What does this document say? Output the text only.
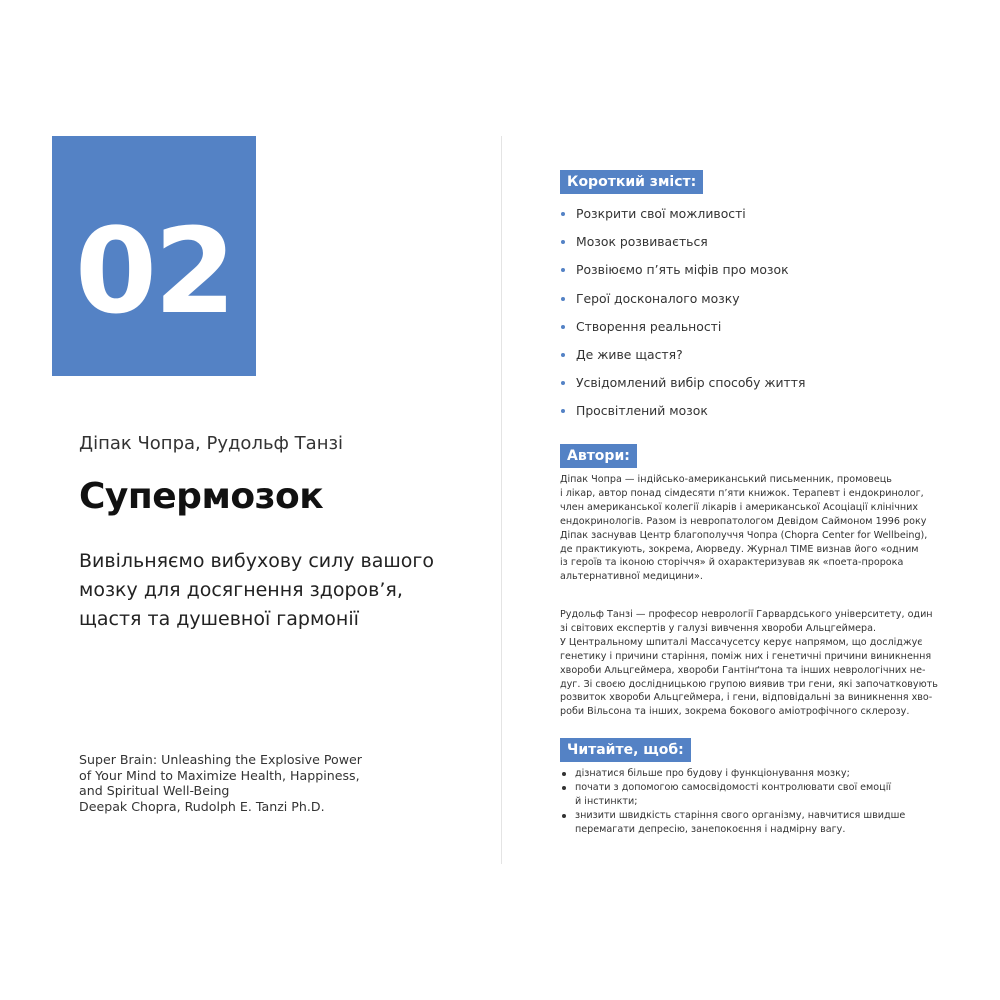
02
Діпак Чопра, Рудольф Танзі
Супермозок
Вивільняємо вибухову силу вашого
мозку для досягнення здоров’я,
щастя та душевної гармонії
Super Brain: Unleashing the Explosive Power
of Your Mind to Maximize Health, Happiness,
and Spiritual Well-Being
Deepak Chopra, Rudolph E. Tanzi Ph.D.
Короткий зміст:
Розкрити свої можливості
Мозок розвивається
Розвіюємо п’ять міфів про мозок
Герої досконалого мозку
Створення реальності
Де живе щастя?
Усвідомлений вибір способу життя
Просвітлений мозок
Автори:
Діпак Чопра — індійсько-американський письменник, промовець
і лікар, автор понад сімдесяти п’яти книжок. Терапевт і ендокринолог,
член американської колегії лікарів і американської Асоціації клінічних
ендокринологів. Разом із невропатологом Девідом Саймоном 1996 року
Діпак заснував Центр благополуччя Чопра (Chopra Center for Wellbeing),
де практикують, зокрема, Аюрведу. Журнал TIME визнав його «одним
із героїв та іконою сторіччя» й охарактеризував як «поета-пророка
альтернативної медицини».
Рудольф Танзі — професор неврології Гарвардського університету, один
зі світових експертів у галузі вивчення хвороби Альцгеймера.
У Центральному шпиталі Массачусетсу керує напрямом, що досліджує
генетику і причини старіння, поміж них і генетичні причини виникнення
хвороби Альцгеймера, хвороби Гантінґтона та інших неврологічних не-
дуг. Зі своєю дослідницькою групою виявив три гени, які започатковують
розвиток хвороби Альцгеймера, і гени, відповідальні за виникнення хво-
роби Вільсона та інших, зокрема бокового аміотрофічного склерозу.
Читайте, щоб:
дізнатися більше про будову і функціонування мозку;
почати з допомогою самосвідомості контролювати свої емоції
й інстинкти;
знизити швидкість старіння свого організму, навчитися швидше
перемагати депресію, занепокоєння і надмірну вагу.
